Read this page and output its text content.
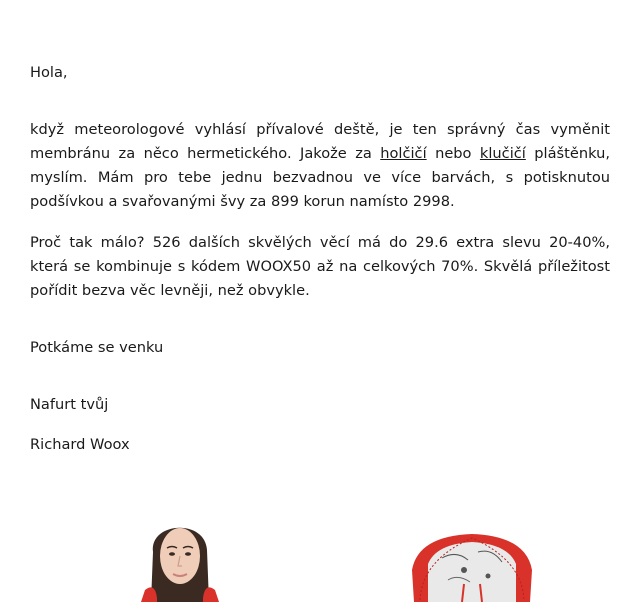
Hola,

když meteorologové vyhlásí přívalové deště, je ten správný čas vyměnit membránu za něco hermetického. Jakože za holčičí nebo klučičí pláštěnku, myslím. Mám pro tebe jednu bezvadnou ve více barvách, s potisknutou podšívkou a svařovanými švy za 899 korun namísto 2998.

Proč tak málo? 526 dalších skvělých věcí má do 29.6 extra slevu 20-40%, která se kombinuje s kódem WOOX50 až na celkových 70%. Skvělá příležitost pořídit bezva věc levněji, než obvykle.

Potkáme se venku

Nafurt tvůj

Richard Woox
